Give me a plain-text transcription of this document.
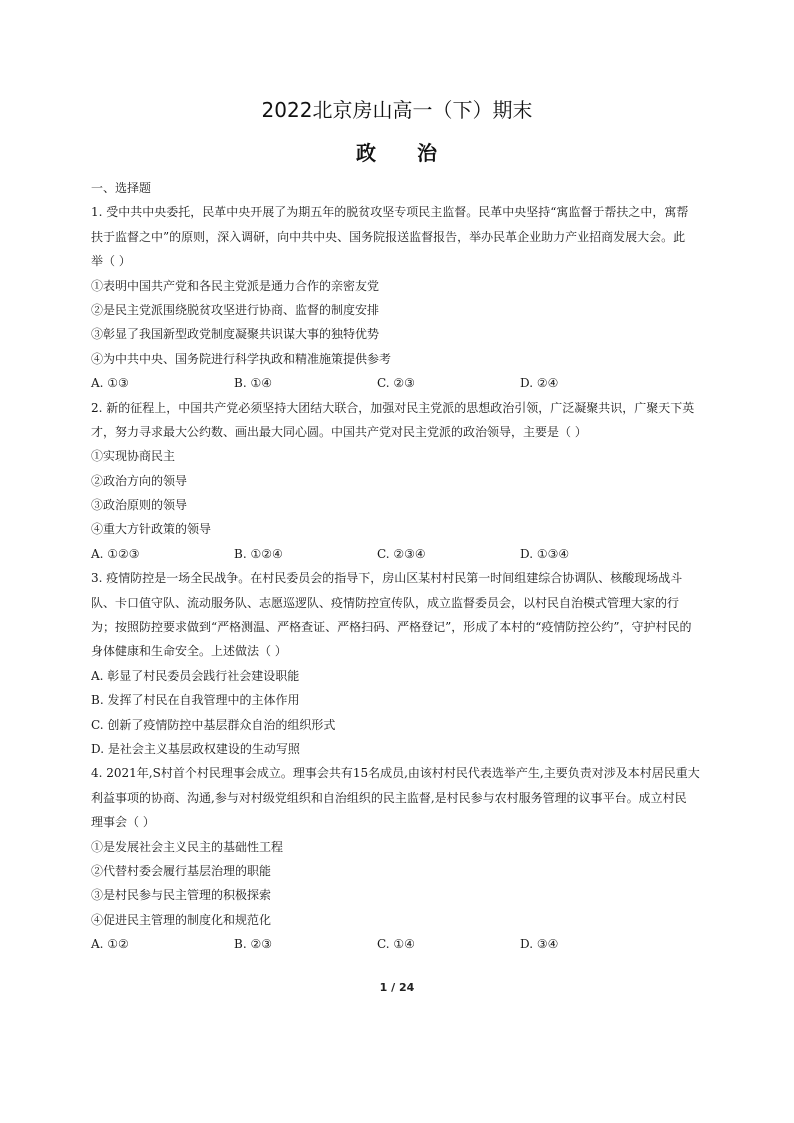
2022北京房山高一（下）期末
政 治
一、选择题
1. 受中共中央委托，民革中央开展了为期五年的脱贫攻坚专项民主监督。民革中央坚持“寓监督于帮扶之中，寓帮
扶于监督之中”的原则，深入调研，向中共中央、国务院报送监督报告，举办民革企业助力产业招商发展大会。此
举（ ）
①表明中国共产党和各民主党派是通力合作的亲密友党
②是民主党派围绕脱贫攻坚进行协商、监督的制度安排
③彰显了我国新型政党制度凝聚共识谋大事的独特优势
④为中共中央、国务院进行科学执政和精准施策提供参考
A. ①③	B. ①④	C. ②③	D. ②④
2. 新的征程上，中国共产党必须坚持大团结大联合，加强对民主党派的思想政治引领，广泛凝聚共识，广聚天下英
才，努力寻求最大公约数、画出最大同心圆。中国共产党对民主党派的政治领导，主要是（ ）
①实现协商民主
②政治方向的领导
③政治原则的领导
④重大方针政策的领导
A. ①②③	B. ①②④	C. ②③④	D. ①③④
3. 疫情防控是一场全民战争。在村民委员会的指导下，房山区某村村民第一时间组建综合协调队、核酸现场战斗
队、卡口值守队、流动服务队、志愿巡逻队、疫情防控宣传队，成立监督委员会，以村民自治模式管理大家的行
为；按照防控要求做到“严格测温、严格查证、严格扫码、严格登记”，形成了本村的“疫情防控公约”，守护村民的
身体健康和生命安全。上述做法（ ）
A. 彰显了村民委员会践行社会建设职能
B. 发挥了村民在自我管理中的主体作用
C. 创新了疫情防控中基层群众自治的组织形式
D. 是社会主义基层政权建设的生动写照
4. 2021年,S村首个村民理事会成立。理事会共有15名成员,由该村村民代表选举产生,主要负责对涉及本村居民重大
利益事项的协商、沟通,参与对村级党组织和自治组织的民主监督,是村民参与农村服务管理的议事平台。成立村民
理事会（ ）
①是发展社会主义民主的基础性工程
②代替村委会履行基层治理的职能
③是村民参与民主管理的积极探索
④促进民主管理的制度化和规范化
A. ①②	B. ②③	C. ①④	D. ③④
1 / 24
